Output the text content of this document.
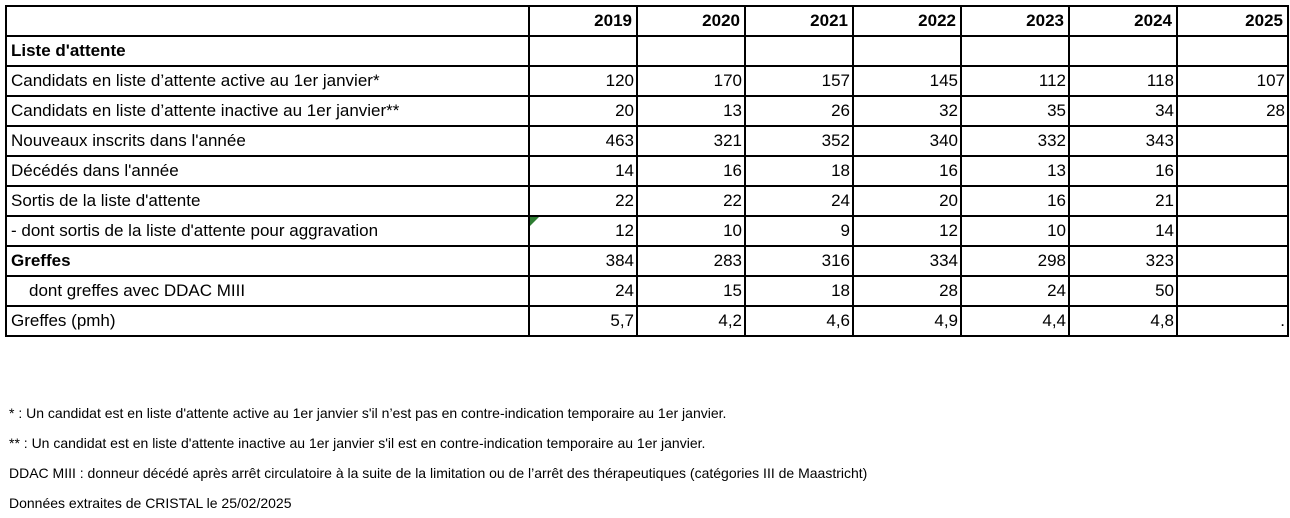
	2019	2020	2021	2022	2023	2024	2025
Liste d'attente							
Candidats en liste d’attente active au 1er janvier*	120	170	157	145	112	118	107
Candidats en liste d’attente inactive au 1er janvier**	20	13	26	32	35	34	28
Nouveaux inscrits dans l'année	463	321	352	340	332	343	
Décédés dans l'année	14	16	18	16	13	16	
Sortis de la liste d'attente	22	22	24	20	16	21	
- dont sortis de la liste d'attente pour aggravation	12	10	9	12	10	14	
Greffes	384	283	316	334	298	323	
dont greffes avec DDAC MIII	24	15	18	28	24	50	
Greffes (pmh)	5,7	4,2	4,6	4,9	4,4	4,8	.
* : Un candidat est en liste d'attente active au 1er janvier s'il n’est pas en contre-indication temporaire au 1er janvier.
** : Un candidat est en liste d'attente inactive au 1er janvier s'il est en contre-indication temporaire au 1er janvier.
DDAC MIII : donneur décédé après arrêt circulatoire à la suite de la limitation ou de l’arrêt des thérapeutiques (catégories III de Maastricht)
Données extraites de CRISTAL le 25/02/2025
